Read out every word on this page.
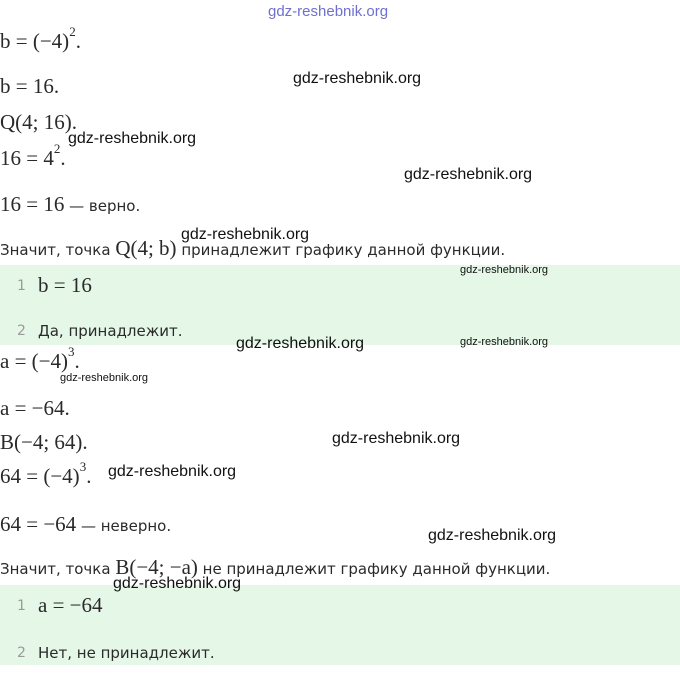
$b = (-4)^2$.
b = 16.
Q(4; 16).
$16 = 4^2$.
16 = 16 — верно.
Значит, точка Q(4; b) принадлежит графику данной функции.
1 b = 16
2 Да, принадлежит.
$a = (-4)^3$.
a = −64.
B(−4; 64).
$64 = (-4)^3$.
64 = −64 — неверно.
Значит, точка B(−4; −a) не принадлежит графику данной функции.
1 a = −64
2 Нет, не принадлежит.
gdz-reshebnik.org
gdz-reshebnik.org
gdz-reshebnik.org
gdz-reshebnik.org
gdz-reshebnik.org
gdz-reshebnik.org
gdz-reshebnik.org	gdz-reshebnik.org
gdz-reshebnik.org
gdz-reshebnik.org
gdz-reshebnik.org
gdz-reshebnik.org
gdz-reshebnik.org
